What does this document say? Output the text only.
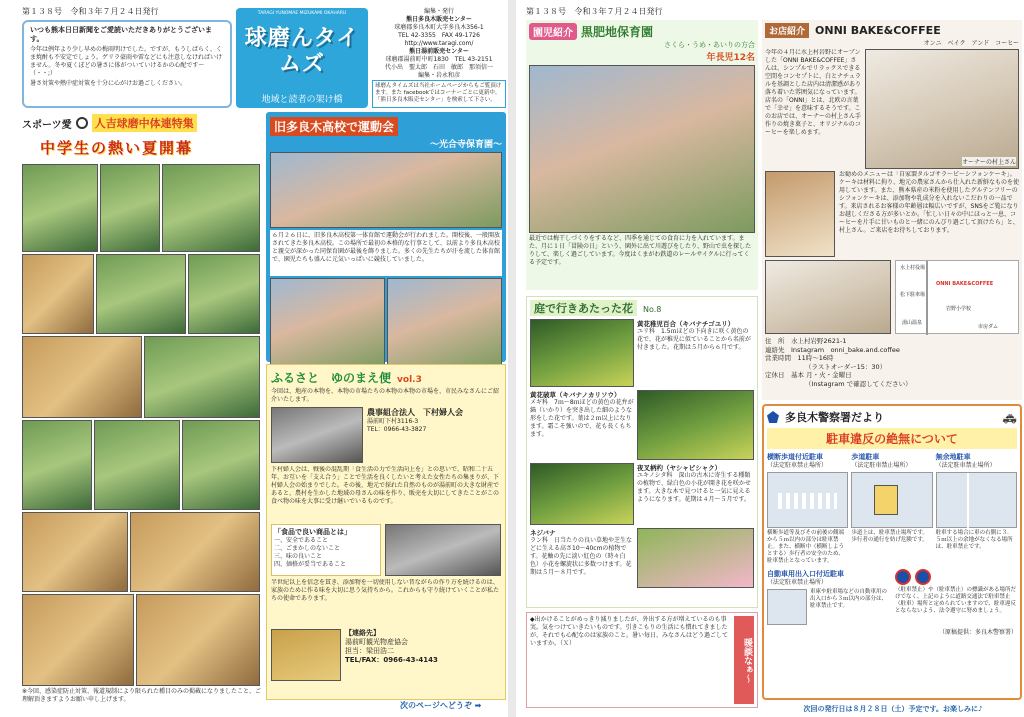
第１３８号 令和３年７月２４日発行
いつも熊本日日新聞をご愛読いただきありがとうございます。
今年は例年より少し早めの梅雨明けでした。ですが、もうしばらく、くま焼酎も不安定でしょう。ゲリラ豪雨や雷などにも注意しなければいけません。冬や夏くぼどの暑さに体がついていけるかの心配です〜（・・;）
暑さ対策や熱中症対策を十分に心がけお過ごしください。
TARAGI YUNOMAE MIZUKAMI OKAHARU
球磨んタイムズ
地域と読者の架け橋
編集・発行
熊日多良木販売センター
球磨郡多良木町大字多良木356-1
TEL 42-3355　FAX 49-1726
http://www.taragi.com/
熊日湯前販売センター
球磨郡湯前町中町1830　TEL 43-2151
代小出　聖太郎　石田　敏郎　那須信一
編集・岩永和彦
球磨んタイムズは当社ホームページからもご覧頂けます。また facebookではコーナーごとに更新中。「熊日多良木販売センター」を検索して下さい。
スポーツ愛 人吉球磨中体連特集
中学生の熱い夏開幕
※今回、感染症防止対策、報道規制により限られた種目のみの掲載になりましたこと、ご理解頂きますようお願い申し上げます。
旧多良木高校で運動会
〜光合寺保育園〜
６月２６日に、旧多良木高校第一体育館で運動会が行われました。開校後、一般開放されてきた多良木高校。この場所で最初の本格的な行事として、以前より多良木高校と親交が深かった同保育園が最後を飾りました。多くの先生たちが汗を流した体育館で、園児たちも盛んに元気いっぱいに競技していました。
ふるさと　ゆのまえ便 vol.3
今回は、地産の本物を、本物の市場たちの本物の本物の市場を、市民みなさんにご紹介いたします。
農事組合法人　下村婦人会
湯前町下村3116-3
TEL：0966-43-3827
下村婦人会は、戦後の混乱期「食生活の力で生活向上を」との思いで、昭和二十五年、お互いを「支え合う」ことで生活を良くしたいと考えた女性たちの集まりが、下村婦人会の始まりでした。その後、地元で採れた自然のものが湯前町の大きな財産であると、農村を生かした地域の母さんの味を作り、販売を大切にしてきたことがこの食べ物の味を大事に受け継いでいるものです。
「食品で良い商品とは」
一、安全であること
二、ごまかしのないこと
三、味の良いこと
四、価格が妥当であること
半世紀以上を信念を貫き、添加物を一切使用しない昔ながらの作り方を続けるのは、家族のために作る味を大切に思う気持ちから。これからも守り続けていくことが私たちの使命であります。
【連絡先】
湯前町観光物産協会
担当：梁田浩二
TEL/FAX：0966-43-4143
次のページへどうぞ ➡
第１３８号 令和３年７月２４日発行
園児紹介 黒肥地保育園
さくら・うめ・あいりの方合
年長児12名
最近では梅干しづくりをするなど、四季を通じての食育に力を入れています。また、月に１日「冒険の日」という、園外に出て川遊びをしたり、野山で虫を探したりして、楽しく過ごしています。今度はくまがわ鉄道のレールサイクルに行ってくる予定です。
庭で行きあたった花	No.8
黄花稚児百合（キバナチゴユリ）
ユリ科　1.5ｍほどの下向きに咲く黄色の花で、花が稚児に似ていることから名前が付きました。花期は５月から６月です。
黄花破草（キバナノカリソウ）
メギ科　7ｍ〜8ｍほどの黄色の花弁が錨（いかり）を突き出した細のような形をした花です。葉は２ｍ以上になります。霜こそ強いので、花も長くもちます。
夜叉柄杓（ヤシャビシャク）
ユキノシタ科　深山の古木に寄生する種類の植物で、緑白色の小花が開き花を咲かせます。大きな木で見つけると一気に見えるようになります。花期は４月〜５月です。
ネジバナ
ラン科　日当たりの良い草地や芝生などに生える高さ10〜40cmの植物です。花軸の先に淡い紅色の（時々白色）小花を螺旋状に多数つけます。花期は５月〜８月です。
暖談なぁ〜
◆出かけることがめっきり減りましたが、外出する方が増えているのも事実。気をつけていきたいものです。引きこもりの生活にも慣れてきましたが、それでも心配なのは家族のこと。暑い毎日、みなさんはどう過ごしていますか。（Ｘ）
お店紹介 ONNI BAKE&COFFEE
オンニ　ベイク　アンド　コーヒー
今年の４月に水上村岩野にオープンした「ONNI BAKE&COFFEE」さんは、シンプルでリラックスできる空間をコンセプトに、白とナチュラルを基調とした店内は清潔感があり落ち着いた雰囲気になっています。店名の「ONNI」とは、北欧の言葉で「幸せ」を意味するそうです。このお店では、オーナーの村上さん手作りの焼き菓子と、オリジナルのコーヒーを楽しめます。
オーナーの村上さん
お勧めのメニューは「自家製タルゴサラ〜ビ〜シフォンケーキ」。ケーキは材料に拘り、地元の農家さんから仕入れた新鮮なものを使用しています。また、熊本県産の米粉を使用したグルテンフリーのシフォンケーキは、添加物や乳成分を入れないこだわりの一品です。来店されるお客様の年齢層は幅広いですが、SNSをご覧になりお越しくださる方が多いとか。「忙しい日々の中にほっと一息、コーヒーを片手に甘いものと一緒にのんびり過ごして頂けたら」と、村上さん。ご来店をお待ちしております。
水上村役場
ONNI BAKE&COFFEE
松下駐車場
岩野小学校
湯山温泉
市房ダム
住　所　 水上村岩野2621-1
連絡先　 Instagram　onni_bake.and.coffee
営業時間　 11時〜16時
（ラストオーダー15：30）
定休日　 基本 月・火・金曜日
（Instagram で確認してください）
多良木警察署だより	🚓
駐車違反の絶無について
横断歩道付近駐車
（法定駐車禁止場所）
横断歩道等及びその前後の側端から５ｍ以内の部分は駐車禁止。また、横断中（横断しようとする）歩行者の安全のため、駐車禁止となっています。
歩道駐車
（法定駐車禁止場所）
歩道上は、駐車禁止場所です。歩行者の通行を妨げ危険です。
無余地駐車
（法定駐車禁止場所）
駐車する場合に車の右側に３．５ｍ以上の余地がなくなる場所は、駐車禁止です。
自動車用出入口付近駐車
（法定駐車禁止場所）
車庫や駐車場などの自動車用の出入口から３ｍ以内の部分は、駐車禁止です。
（駐車禁止）や（駐車禁止）の標識がある場所だけでなく、上記のように道路交通法で駐車禁止（駐車）場所と定められていますので、駐車違反とならないよう、法令遵守に努めましょう。
（原稿提供：多良木警察署）
次回の発行日は８月２８日（土）予定です。お楽しみに♪
